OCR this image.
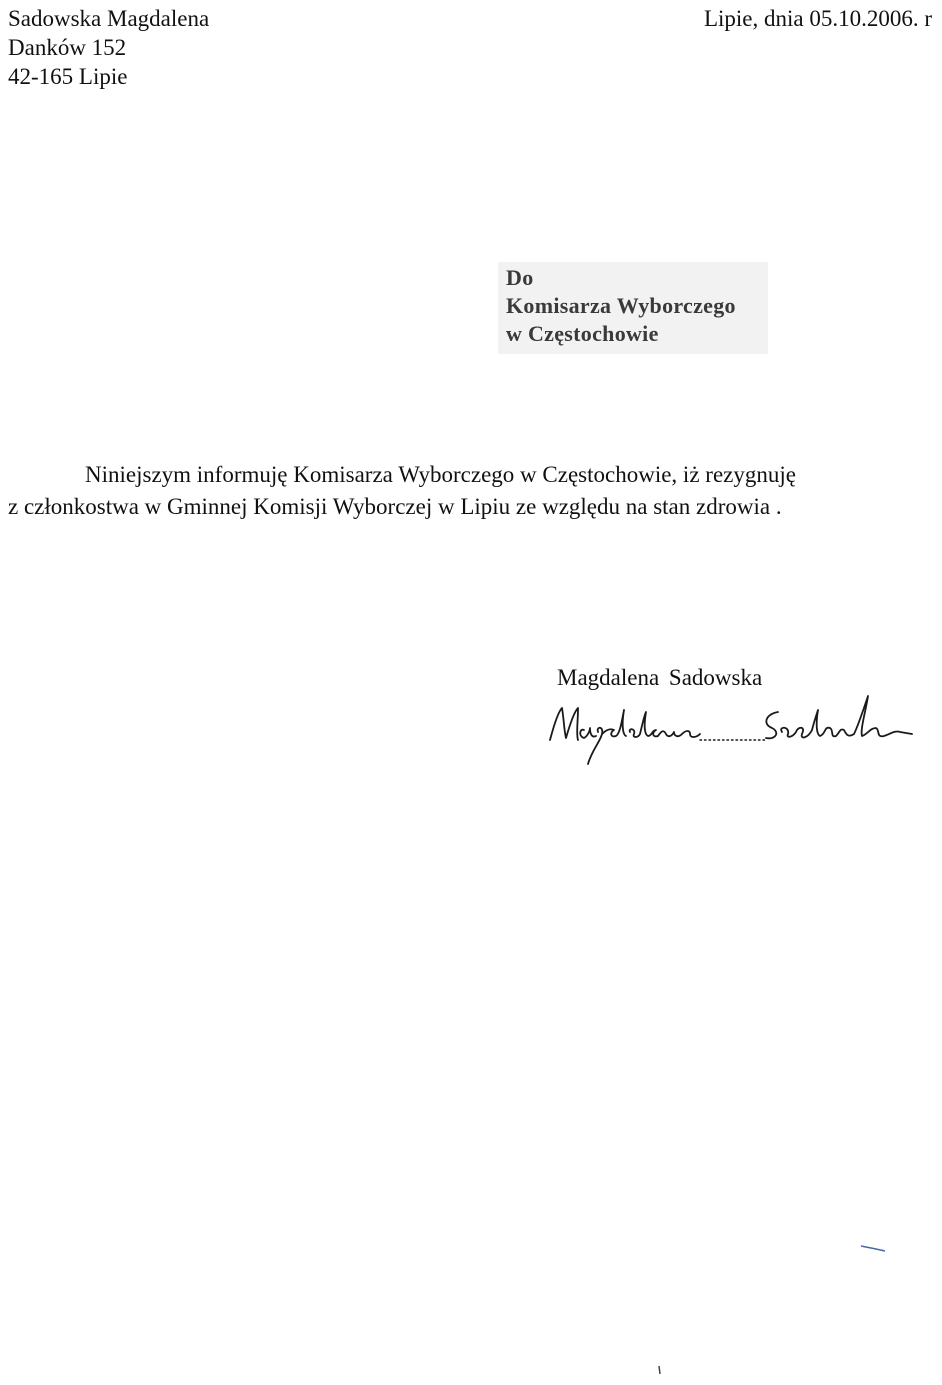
Sadowska Magdalena
Danków 152
42-165 Lipie
Lipie, dnia 05.10.2006. r
Do
Komisarza Wyborczego
w Częstochowie
Niniejszym informuję Komisarza Wyborczego w Częstochowie, iż rezygnuję
z członkostwa w Gminnej Komisji Wyborczej w Lipiu ze względu na stan zdrowia .
Magdalena Sadowska
